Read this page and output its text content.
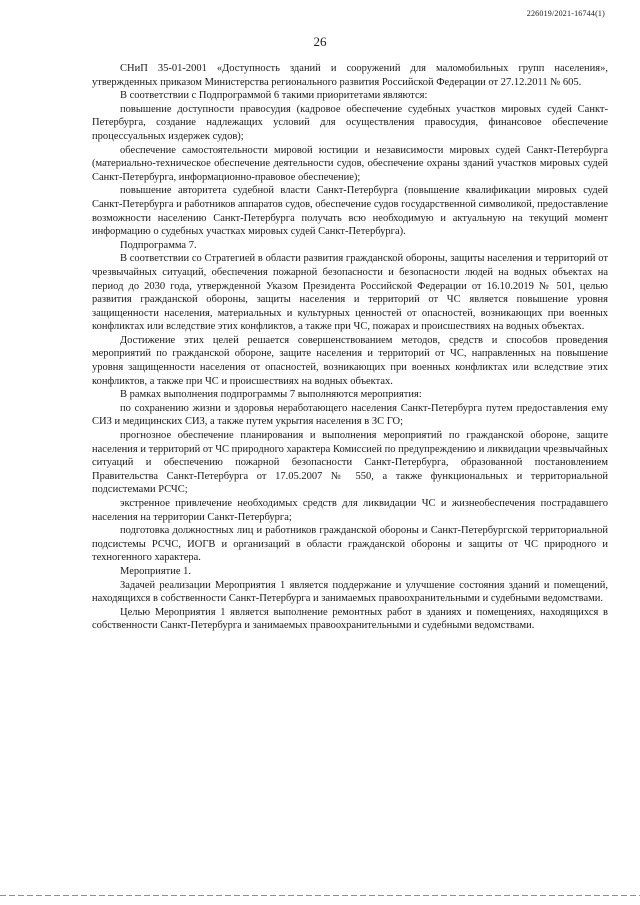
226019/2021-16744(1)
26

СНиП 35-01-2001 «Доступность зданий и сооружений для маломобильных групп населения», утвержденных приказом Министерства регионального развития Российской Федерации от 27.12.2011 № 605.

В соответствии с Подпрограммой 6 такими приоритетами являются:

повышение доступности правосудия (кадровое обеспечение судебных участков мировых судей Санкт-Петербурга, создание надлежащих условий для осуществления правосудия, финансовое обеспечение процессуальных издержек судов);

обеспечение самостоятельности мировой юстиции и независимости мировых судей Санкт-Петербурга (материально-техническое обеспечение деятельности судов, обеспечение охраны зданий участков мировых судей Санкт-Петербурга, информационно-правовое обеспечение);

повышение авторитета судебной власти Санкт-Петербурга (повышение квалификации мировых судей Санкт-Петербурга и работников аппаратов судов, обеспечение судов государственной символикой, предоставление возможности населению Санкт-Петербурга получать всю необходимую и актуальную на текущий момент информацию о судебных участках мировых судей Санкт-Петербурга).

Подпрограмма 7.

В соответствии со Стратегией в области развития гражданской обороны, защиты населения и территорий от чрезвычайных ситуаций, обеспечения пожарной безопасности и безопасности людей на водных объектах на период до 2030 года, утвержденной Указом Президента Российской Федерации от 16.10.2019 № 501, целью развития гражданской обороны, защиты населения и территорий от ЧС является повышение уровня защищенности населения, материальных и культурных ценностей от опасностей, возникающих при военных конфликтах или вследствие этих конфликтов, а также при ЧС, пожарах и происшествиях на водных объектах.

Достижение этих целей решается совершенствованием методов, средств и способов проведения мероприятий по гражданской обороне, защите населения и территорий от ЧС, направленных на повышение уровня защищенности населения от опасностей, возникающих при военных конфликтах или вследствие этих конфликтов, а также при ЧС и происшествиях на водных объектах.

В рамках выполнения подпрограммы 7 выполняются мероприятия:

по сохранению жизни и здоровья неработающего населения Санкт-Петербурга путем предоставления ему СИЗ и медицинских СИЗ, а также путем укрытия населения в ЗС ГО;

прогнозное обеспечение планирования и выполнения мероприятий по гражданской обороне, защите населения и территорий от ЧС природного характера Комиссией по предупреждению и ликвидации чрезвычайных ситуаций и обеспечению пожарной безопасности Санкт-Петербурга, образованной постановлением Правительства Санкт-Петербурга от 17.05.2007 № 550, а также функциональных и территориальной подсистемами РСЧС;

экстренное привлечение необходимых средств для ликвидации ЧС и жизнеобеспечения пострадавшего населения на территории Санкт-Петербурга;

подготовка должностных лиц и работников гражданской обороны и Санкт-Петербургской территориальной подсистемы РСЧС, ИОГВ и организаций в области гражданской обороны и защиты от ЧС природного и техногенного характера.

Мероприятие 1.

Задачей реализации Мероприятия 1 является поддержание и улучшение состояния зданий и помещений, находящихся в собственности Санкт-Петербурга и занимаемых правоохранительными и судебными ведомствами.

Целью Мероприятия 1 является выполнение ремонтных работ в зданиях и помещениях, находящихся в собственности Санкт-Петербурга и занимаемых правоохранительными и судебными ведомствами.
